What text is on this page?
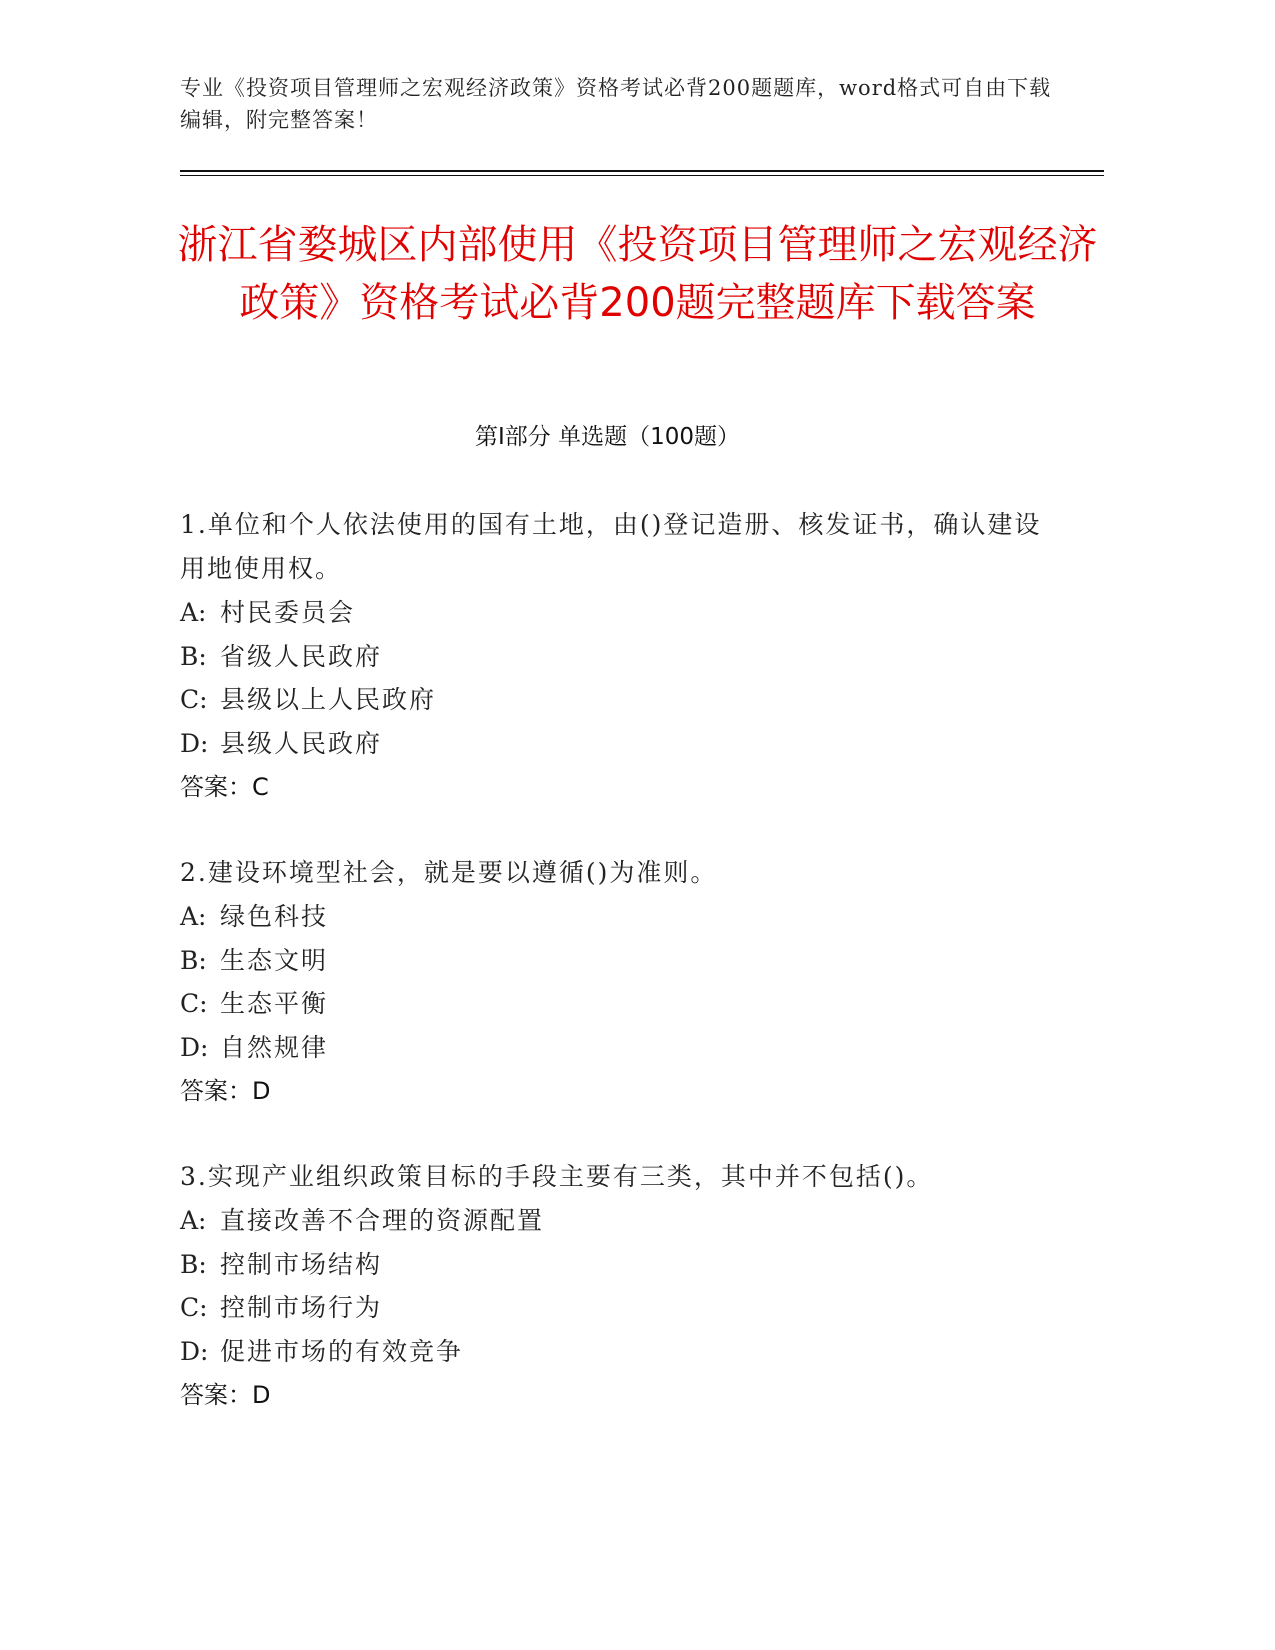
专业《投资项目管理师之宏观经济政策》资格考试必背200题题库，word格式可自由下载编辑，附完整答案！
浙江省婺城区内部使用《投资项目管理师之宏观经济政策》资格考试必背200题完整题库下载答案
第I部分 单选题（100题）
1.单位和个人依法使用的国有土地，由()登记造册、核发证书，确认建设用地使用权。
A: 村民委员会
B: 省级人民政府
C: 县级以上人民政府
D: 县级人民政府
答案：C
2.建设环境型社会，就是要以遵循()为准则。
A: 绿色科技
B: 生态文明
C: 生态平衡
D: 自然规律
答案：D
3.实现产业组织政策目标的手段主要有三类，其中并不包括()。
A: 直接改善不合理的资源配置
B: 控制市场结构
C: 控制市场行为
D: 促进市场的有效竞争
答案：D
